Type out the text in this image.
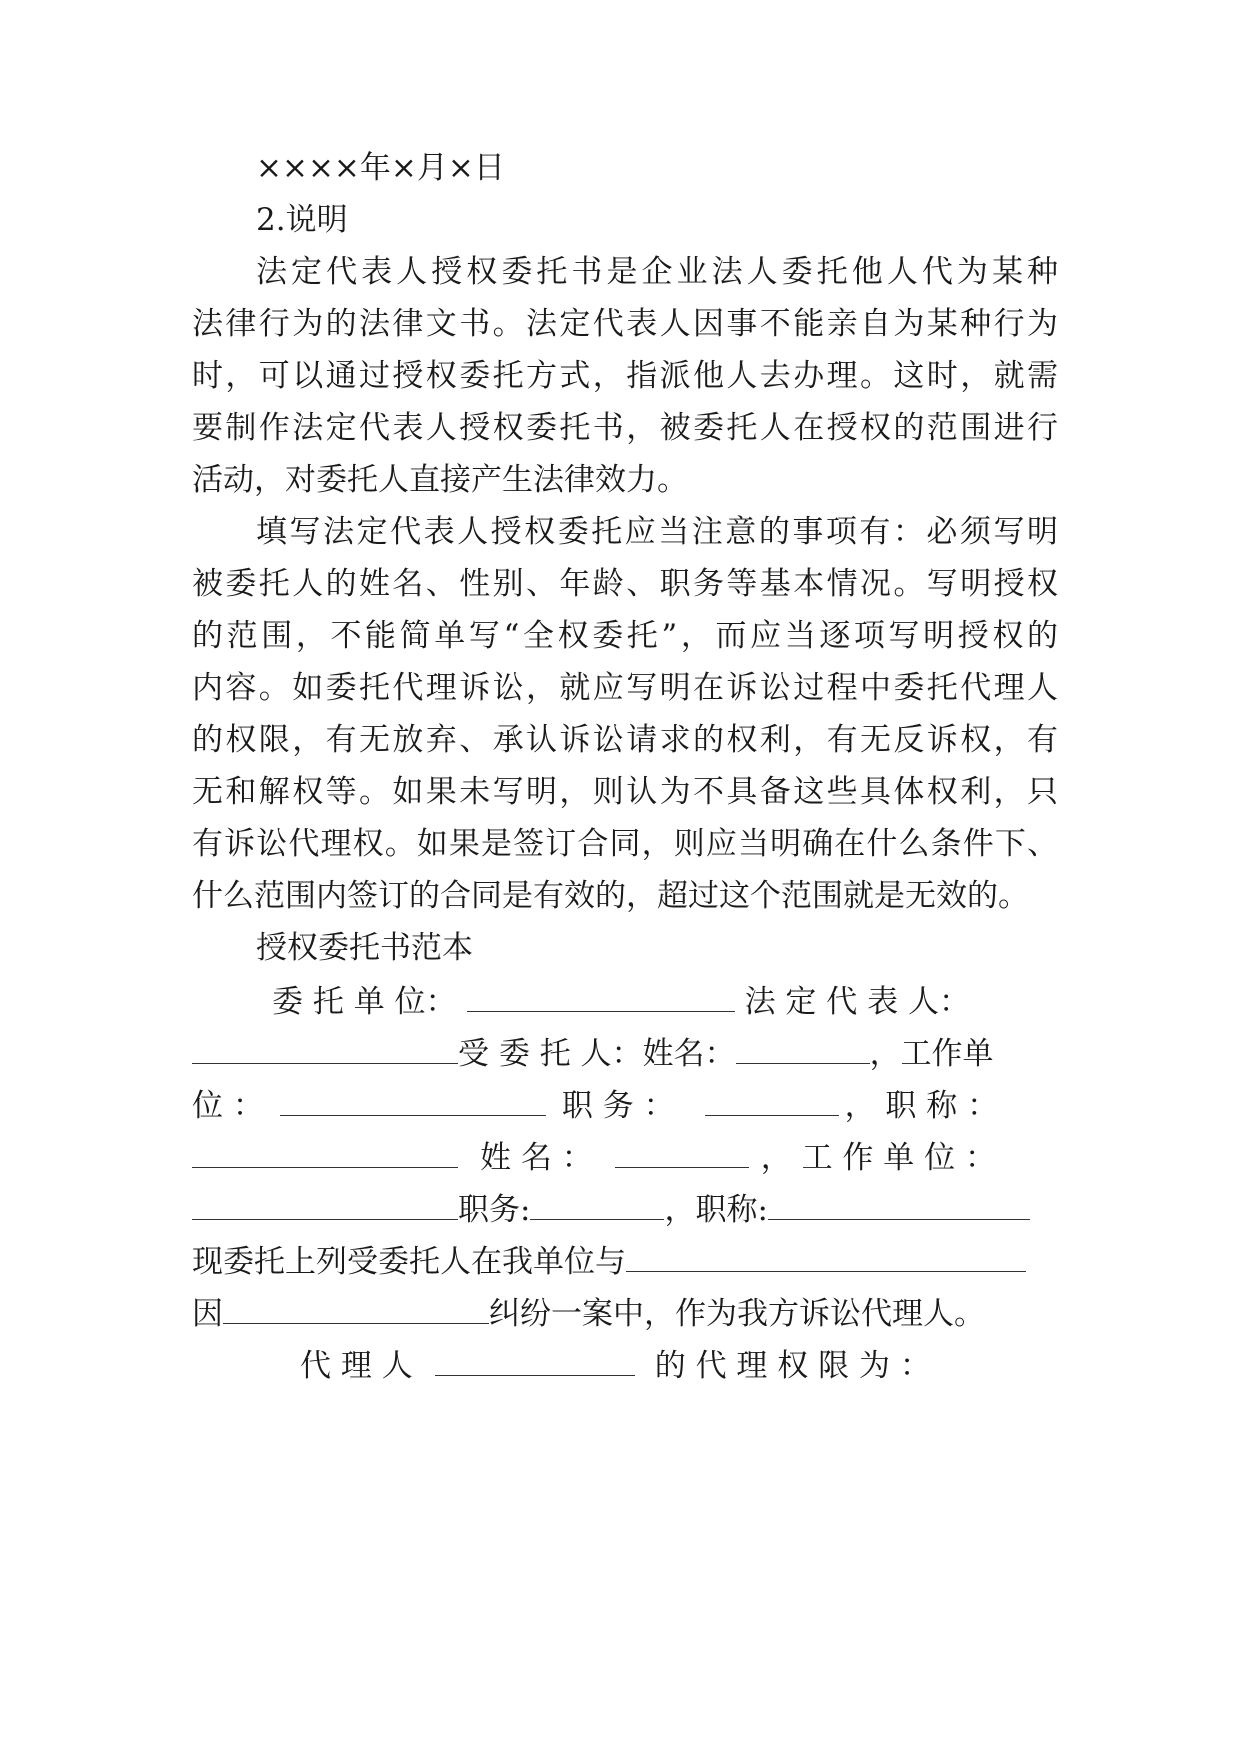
××××年×月×日
2.说明
法定代表人授权委托书是企业法人委托他人代为某种
法律行为的法律文书。法定代表人因事不能亲自为某种行为
时，可以通过授权委托方式，指派他人去办理。这时，就需
要制作法定代表人授权委托书，被委托人在授权的范围进行
活动，对委托人直接产生法律效力。
填写法定代表人授权委托应当注意的事项有：必须写明
被委托人的姓名、性别、年龄、职务等基本情况。写明授权
的范围，不能简单写“全权委托”，而应当逐项写明授权的
内容。如委托代理诉讼，就应写明在诉讼过程中委托代理人
的权限，有无放弃、承认诉讼请求的权利，有无反诉权，有
无和解权等。如果未写明，则认为不具备这些具体权利，只
有诉讼代理权。如果是签订合同，则应当明确在什么条件下、
什么范围内签订的合同是有效的，超过这个范围就是无效的。
授权委托书范本
委 托 单 位：	法 定 代 表 人：
受 委 托 人：姓名：	，工作单
位 ：	职 务 ：	， 职 称 ：
姓 名 ：	， 工 作 单 位 ：
职务:	，职称:
现委托上列受委托人在我单位与
因	纠纷一案中，作为我方诉讼代理人。
代 理 人	的 代 理 权 限 为 ：
